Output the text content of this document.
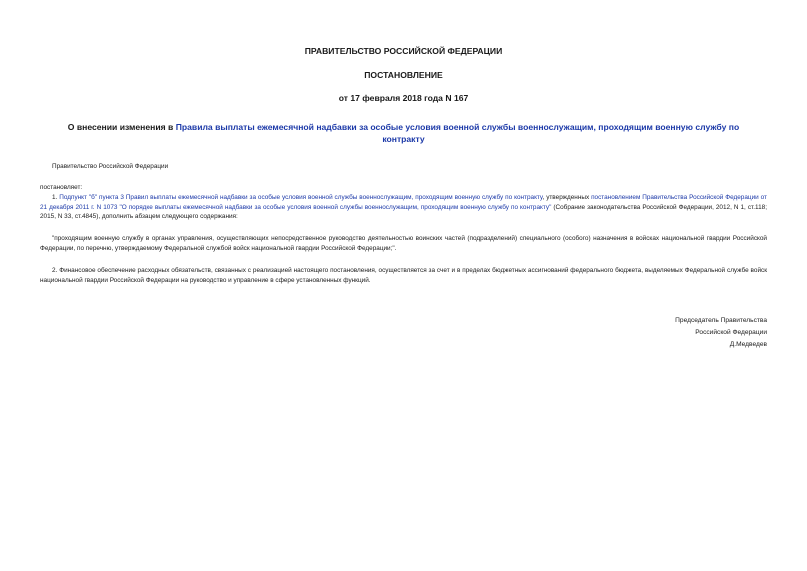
ПРАВИТЕЛЬСТВО РОССИЙСКОЙ ФЕДЕРАЦИИ
ПОСТАНОВЛЕНИЕ
от 17 февраля 2018 года N 167
О внесении изменения в Правила выплаты ежемесячной надбавки за особые условия военной службы военнослужащим, проходящим военную службу по контракту
Правительство Российской Федерации
постановляет:
1. Подпункт "б" пункта 3 Правил выплаты ежемесячной надбавки за особые условия военной службы военнослужащим, проходящим военную службу по контракту, утвержденных постановлением Правительства Российской Федерации от 21 декабря 2011 г. N 1073 "О порядке выплаты ежемесячной надбавки за особые условия военной службы военнослужащим, проходящим военную службу по контракту" (Собрание законодательства Российской Федерации, 2012, N 1, ст.118; 2015, N 33, ст.4845), дополнить абзацем следующего содержания:
"проходящим военную службу в органах управления, осуществляющих непосредственное руководство деятельностью воинских частей (подразделений) специального (особого) назначения в войсках национальной гвардии Российской Федерации, по перечню, утверждаемому Федеральной службой войск национальной гвардии Российской Федерации;".
2. Финансовое обеспечение расходных обязательств, связанных с реализацией настоящего постановления, осуществляется за счет и в пределах бюджетных ассигнований федерального бюджета, выделяемых Федеральной службе войск национальной гвардии Российской Федерации на руководство и управление в сфере установленных функций.
Председатель Правительства
Российской Федерации
Д.Медведев
